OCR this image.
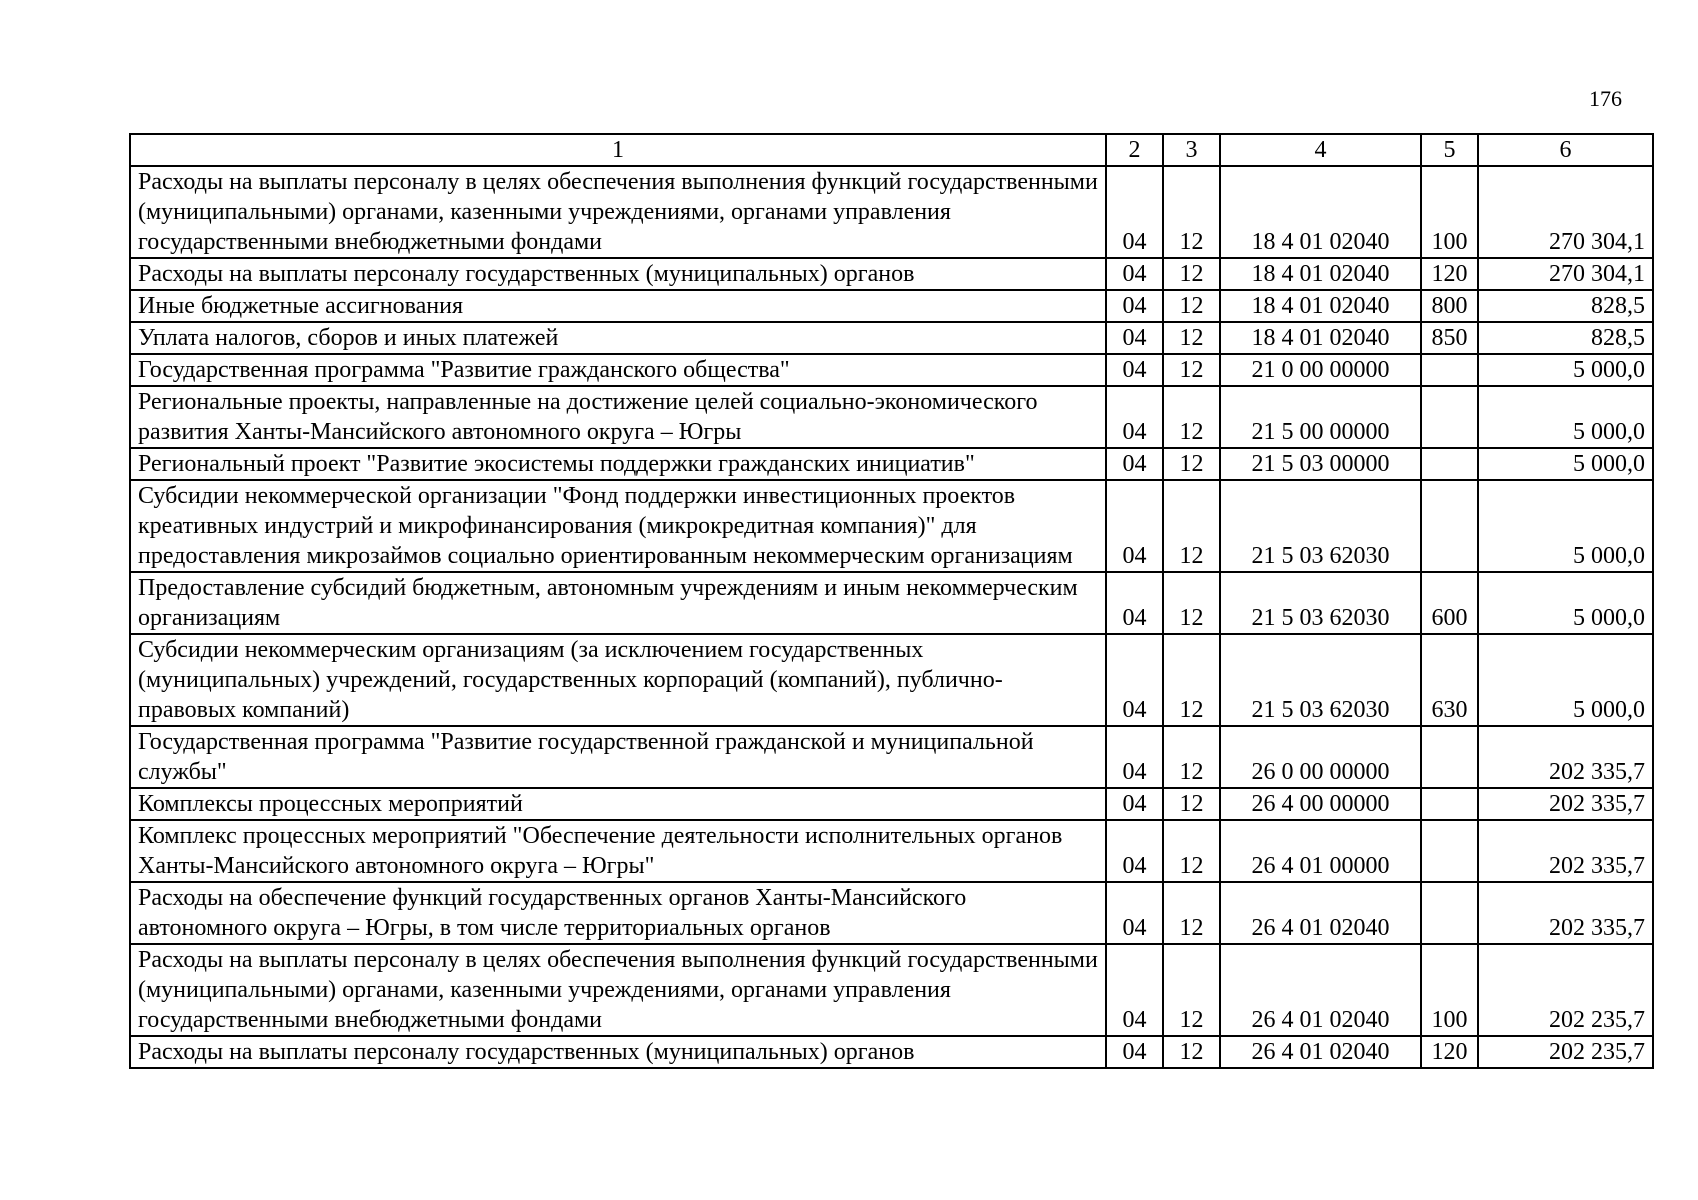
176
1	2	3	4	5	6
Расходы на выплаты персоналу в целях обеспечения выполнения функций государственными (муниципальными) органами, казенными учреждениями, органами управления государственными внебюджетными фондами	04	12	18 4 01 02040	100	270 304,1
Расходы на выплаты персоналу государственных (муниципальных) органов	04	12	18 4 01 02040	120	270 304,1
Иные бюджетные ассигнования	04	12	18 4 01 02040	800	828,5
Уплата налогов, сборов и иных платежей	04	12	18 4 01 02040	850	828,5
Государственная программа "Развитие гражданского общества"	04	12	21 0 00 00000		5 000,0
Региональные проекты, направленные на достижение целей социально-экономического развития Ханты-Мансийского автономного округа – Югры	04	12	21 5 00 00000		5 000,0
Региональный проект "Развитие экосистемы поддержки гражданских инициатив"	04	12	21 5 03 00000		5 000,0
Субсидии некоммерческой организации "Фонд поддержки инвестиционных проектов креативных индустрий и микрофинансирования (микрокредитная компания)" для предоставления микрозаймов социально ориентированным некоммерческим организациям	04	12	21 5 03 62030		5 000,0
Предоставление субсидий бюджетным, автономным учреждениям и иным некоммерческим организациям	04	12	21 5 03 62030	600	5 000,0
Субсидии некоммерческим организациям (за исключением государственных (муниципальных) учреждений, государственных корпораций (компаний), публично-правовых компаний)	04	12	21 5 03 62030	630	5 000,0
Государственная программа "Развитие государственной гражданской и муниципальной службы"	04	12	26 0 00 00000		202 335,7
Комплексы процессных мероприятий	04	12	26 4 00 00000		202 335,7
Комплекс процессных мероприятий "Обеспечение деятельности исполнительных органов Ханты-Мансийского автономного округа – Югры"	04	12	26 4 01 00000		202 335,7
Расходы на обеспечение функций государственных органов Ханты-Мансийского автономного округа – Югры, в том числе территориальных органов	04	12	26 4 01 02040		202 335,7
Расходы на выплаты персоналу в целях обеспечения выполнения функций государственными (муниципальными) органами, казенными учреждениями, органами управления государственными внебюджетными фондами	04	12	26 4 01 02040	100	202 235,7
Расходы на выплаты персоналу государственных (муниципальных) органов	04	12	26 4 01 02040	120	202 235,7
